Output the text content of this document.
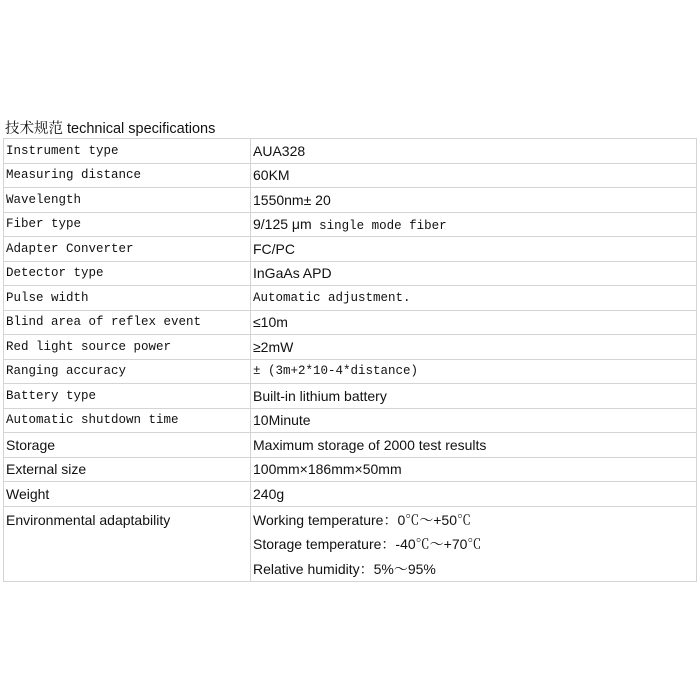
技术规范 technical specifications
Instrument type	AUA328
Measuring distance	60KM
Wavelength	1550nm± 20
Fiber type	9/125 μm single mode fiber
Adapter Converter	FC/PC
Detector type	InGaAs APD
Pulse width	Automatic adjustment.
Blind area of reflex event	≤10m
Red light source power	≥2mW
Ranging accuracy	± (3m+2*10-4*distance)
Battery type	Built-in lithium battery
Automatic shutdown time	10Minute
Storage	Maximum storage of 2000 test results
External size	100mm×186mm×50mm
Weight	240g

Environmental adaptability	Working temperature：0℃～+50℃
Storage temperature：-40℃～+70℃
Relative humidity：5%～95%
